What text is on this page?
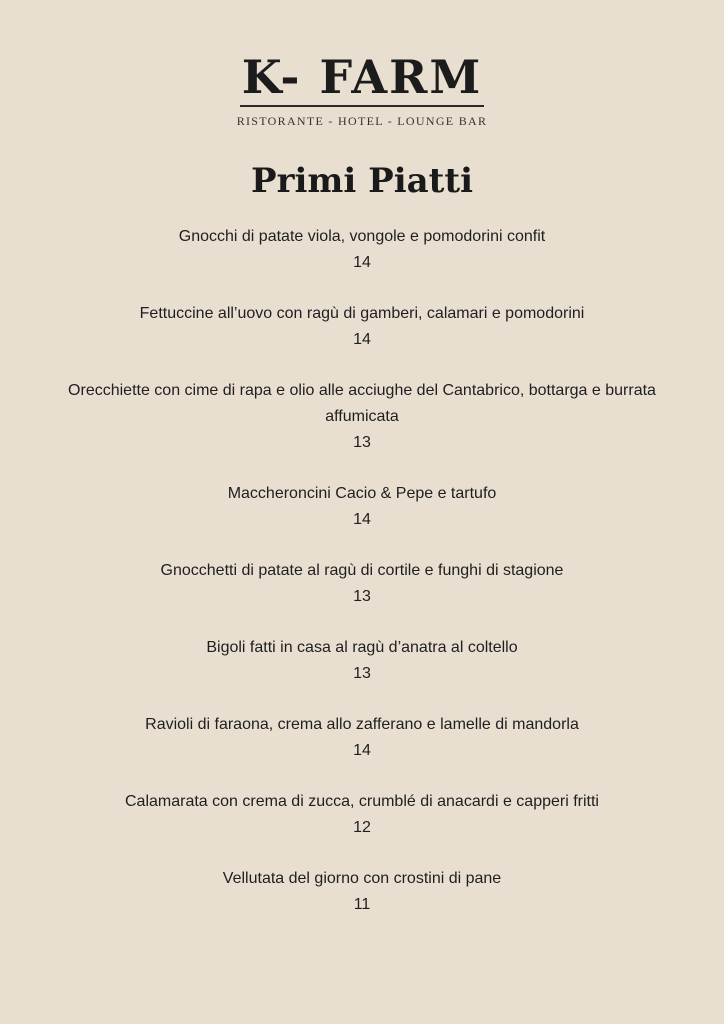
K- FARM
RISTORANTE - HOTEL - LOUNGE BAR
Primi Piatti
Gnocchi di patate viola, vongole e pomodorini confit
14
Fettuccine all’uovo con ragù di gamberi, calamari e pomodorini
14
Orecchiette con cime di rapa e olio alle acciughe del Cantabrico, bottarga e burrata affumicata
13
Maccheroncini Cacio & Pepe e tartufo
14
Gnocchetti di patate al ragù di cortile e funghi di stagione
13
Bigoli fatti in casa al ragù d’anatra al coltello
13
Ravioli di faraona, crema allo zafferano e lamelle di mandorla
14
Calamarata con crema di zucca, crumblé di anacardi e capperi fritti
12
Vellutata del giorno con crostini di pane
11
